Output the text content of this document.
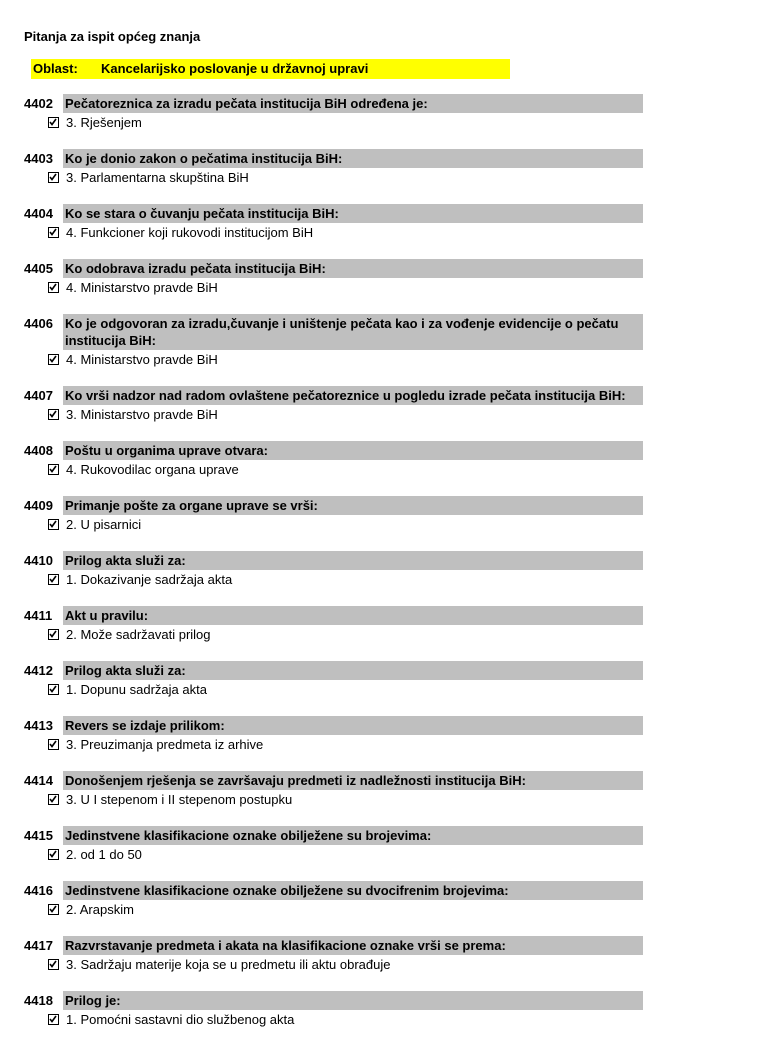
Pitanja za ispit općeg znanja
Oblast: Kancelarijsko poslovanje u državnoj upravi
4402 Pečatoreznica za izradu pečata institucija BiH određena je:
3. Rješenjem
4403 Ko je donio zakon o pečatima institucija BiH:
3. Parlamentarna skupština BiH
4404 Ko se stara o čuvanju pečata institucija BiH:
4. Funkcioner koji rukovodi institucijom BiH
4405 Ko odobrava izradu pečata institucija BiH:
4. Ministarstvo pravde BiH
4406 Ko je odgovoran za izradu,čuvanje i uništenje pečata kao i za vođenje evidencije o pečatu institucija BiH:
4. Ministarstvo pravde BiH
4407 Ko vrši nadzor nad radom ovlaštene pečatoreznice u pogledu izrade pečata institucija BiH:
3. Ministarstvo pravde BiH
4408 Poštu u organima uprave otvara:
4. Rukovodilac organa uprave
4409 Primanje pošte za organe uprave se vrši:
2. U pisarnici
4410 Prilog akta služi za:
1. Dokazivanje sadržaja akta
4411 Akt u pravilu:
2. Može sadržavati prilog
4412 Prilog akta služi za:
1. Dopunu sadržaja akta
4413 Revers se izdaje prilikom:
3. Preuzimanja predmeta iz arhive
4414 Donošenjem rješenja se završavaju predmeti iz nadležnosti institucija BiH:
3. U I stepenom i II stepenom postupku
4415 Jedinstvene klasifikacione oznake obilježene su brojevima:
2. od 1 do 50
4416 Jedinstvene klasifikacione oznake obilježene su dvocifrenim brojevima:
2. Arapskim
4417 Razvrstavanje predmeta i akata na klasifikacione oznake vrši se prema:
3. Sadržaju materije koja se u predmetu ili aktu obrađuje
4418 Prilog je:
1. Pomoćni sastavni dio službenog akta
